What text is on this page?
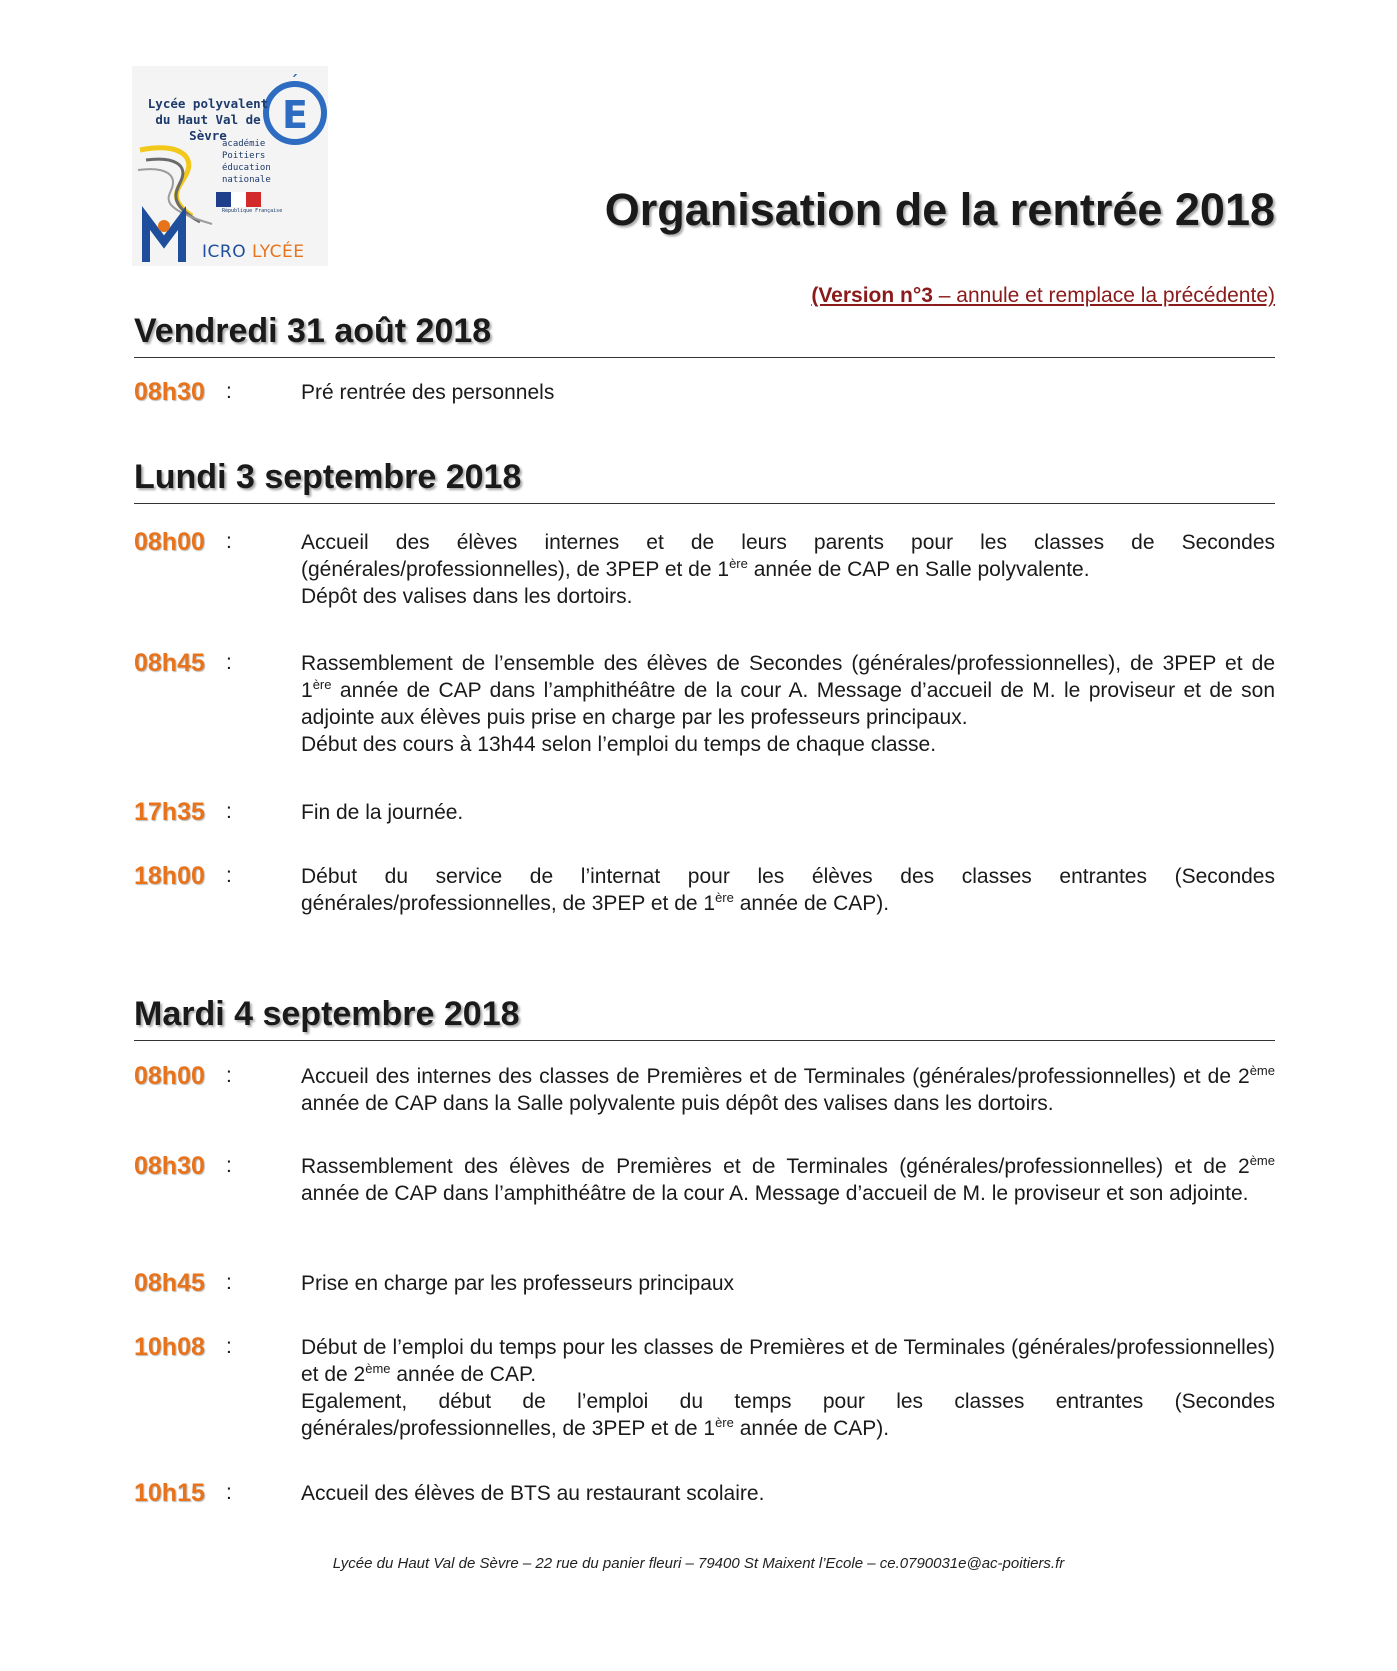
E
´
Lycée polyvalent
du Haut Val de Sèvre
académie
Poitiers
éducation
nationale
République Française
ICRO LYCÉE
Organisation de la rentrée 2018
(Version n°3 – annule et remplace la précédente)
Vendredi 31 août 2018
08h30 :	Pré rentrée des personnels

Lundi 3 septembre 2018
08h00 :	Accueil des élèves internes et de leurs parents pour les classes de Secondes (générales/professionnelles), de 3PEP et de 1ère année de CAP en Salle polyvalente.

Dépôt des valises dans les dortoirs.

08h45 :	Rassemblement de l’ensemble des élèves de Secondes (générales/professionnelles), de 3PEP et de 1ère année de CAP dans l’amphithéâtre de la cour A. Message d’accueil de M. le proviseur et de son adjointe aux élèves puis prise en charge par les professeurs principaux.

Début des cours à 13h44 selon l’emploi du temps de chaque classe.

17h35 :	Fin de la journée.

18h00 :	Début du service de l’internat pour les élèves des classes entrantes (Secondes générales/professionnelles, de 3PEP et de 1ère année de CAP).

Mardi 4 septembre 2018
08h00 :	Accueil des internes des classes de Premières et de Terminales (générales/professionnelles) et de 2ème année de CAP dans la Salle polyvalente puis dépôt des valises dans les dortoirs.

08h30 :	Rassemblement des élèves de Premières et de Terminales (générales/professionnelles) et de 2ème année de CAP dans l’amphithéâtre de la cour A. Message d’accueil de M. le proviseur et son adjointe.

08h45 :	Prise en charge par les professeurs principaux

10h08 :	Début de l’emploi du temps pour les classes de Premières et de Terminales (générales/professionnelles) et de 2ème année de CAP.

Egalement, début de l’emploi du temps pour les classes entrantes (Secondes générales/professionnelles, de 3PEP et de 1ère année de CAP).

10h15 :	Accueil des élèves de BTS au restaurant scolaire.

Lycée du Haut Val de Sèvre – 22 rue du panier fleuri – 79400 St Maixent l’Ecole – ce.0790031e@ac-poitiers.fr
